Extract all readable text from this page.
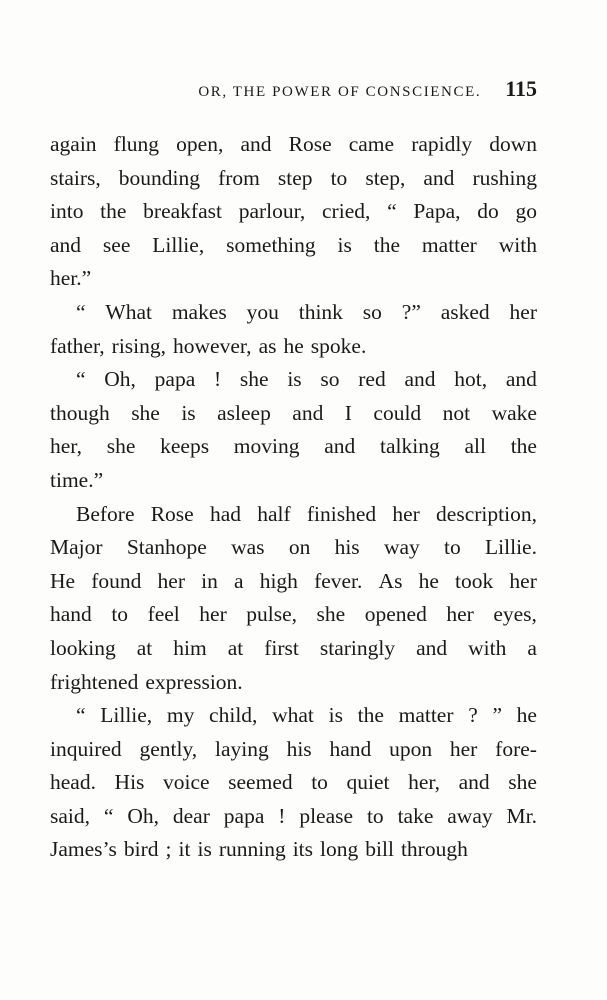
OR, THE POWER OF CONSCIENCE. 115
again flung open, and Rose came rapidly down
stairs, bounding from step to step, and rushing
into the breakfast parlour, cried, “ Papa, do go
and see Lillie, something is the matter with
her.”
“ What makes you think so ?” asked her
father, rising, however, as he spoke.
“ Oh, papa ! she is so red and hot, and
though she is asleep and I could not wake
her, she keeps moving and talking all the
time.”
Before Rose had half finished her description,
Major Stanhope was on his way to Lillie.
He found her in a high fever. As he took her
hand to feel her pulse, she opened her eyes,
looking at him at first staringly and with a
frightened expression.
“ Lillie, my child, what is the matter ? ” he
inquired gently, laying his hand upon her fore-
head. His voice seemed to quiet her, and she
said, “ Oh, dear papa ! please to take away Mr.
James’s bird ; it is running its long bill through
